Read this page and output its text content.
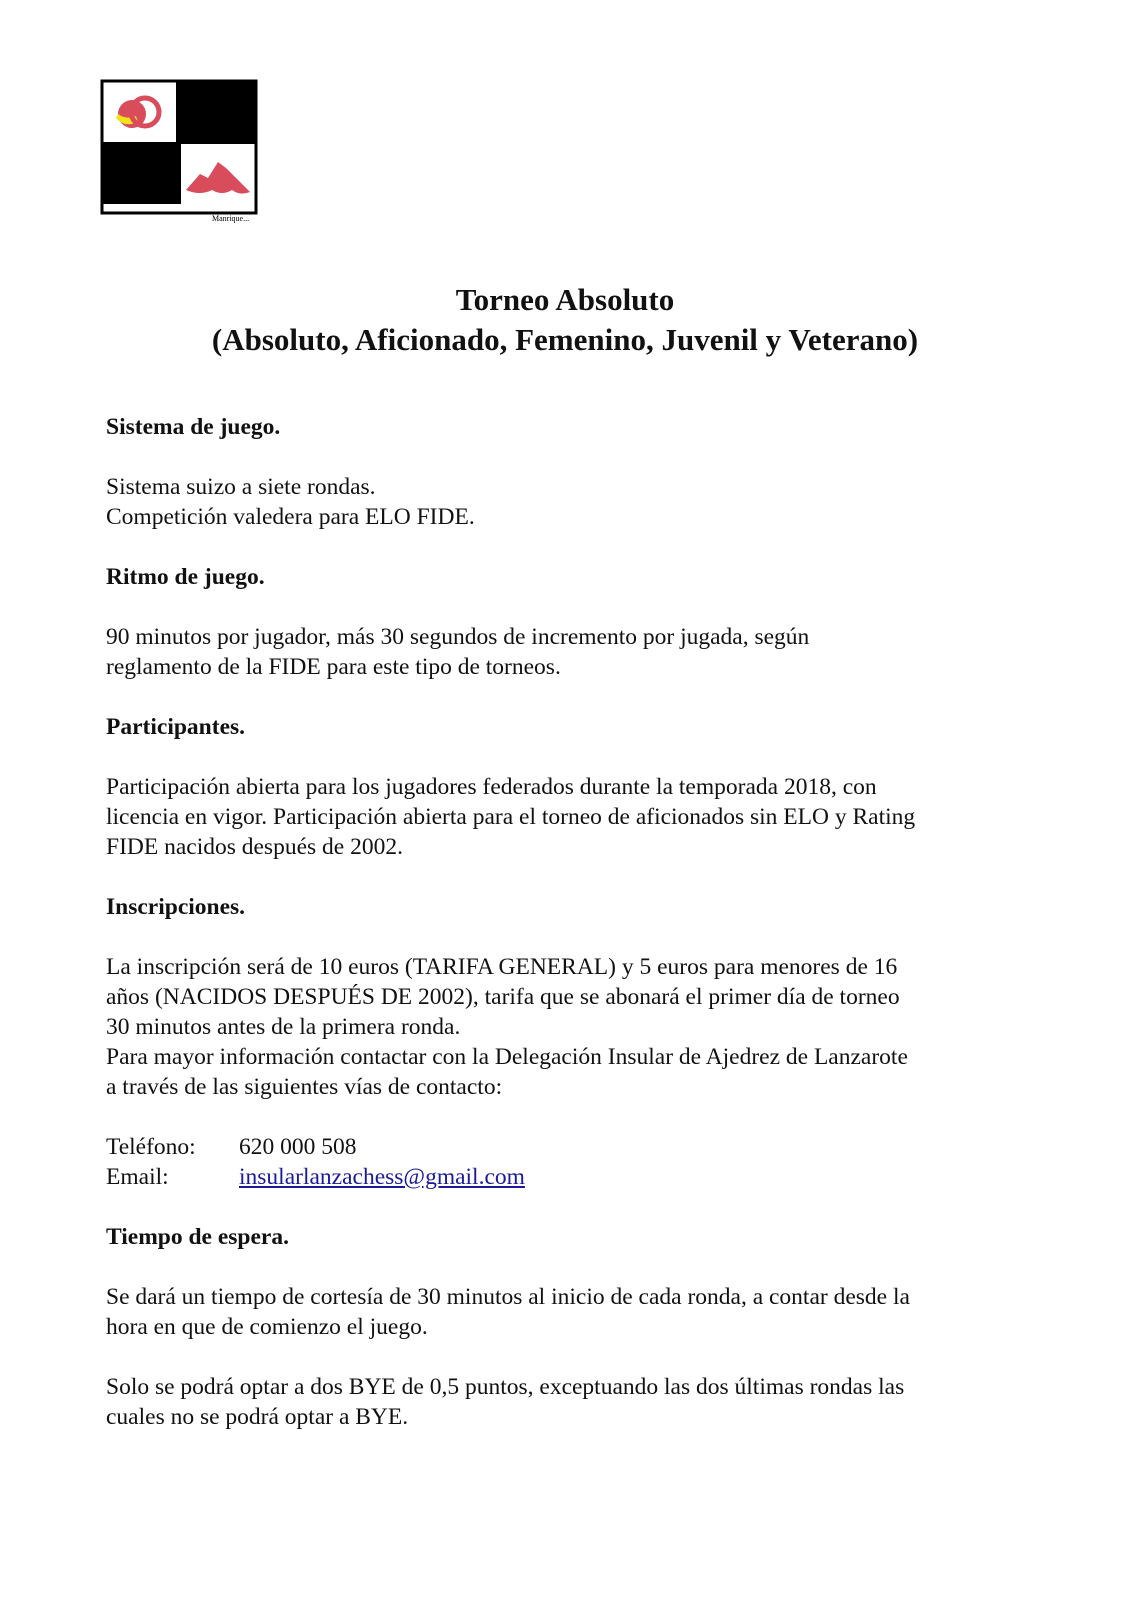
Manrique...

Torneo Absoluto

(Absoluto, Aficionado, Femenino, Juvenil y Veterano)

Sistema de juego.

Sistema suizo a siete rondas.

Competición valedera para ELO FIDE.

Ritmo de juego.

90 minutos por jugador, más 30 segundos de incremento por jugada, según

reglamento de la FIDE para este tipo de torneos.

Participantes.

Participación abierta para los jugadores federados durante la temporada 2018, con

licencia en vigor. Participación abierta para el torneo de aficionados sin ELO y Rating

FIDE nacidos después de 2002.

Inscripciones.

La inscripción será de 10 euros (TARIFA GENERAL) y 5 euros para menores de 16

años (NACIDOS DESPUÉS DE 2002), tarifa que se abonará el primer día de torneo

30 minutos antes de la primera ronda.

Para mayor información contactar con la Delegación Insular de Ajedrez de Lanzarote

a través de las siguientes vías de contacto:

Teléfono:	620 000 508
Email:	insularlanzachess@gmail.com

Tiempo de espera.

Se dará un tiempo de cortesía de 30 minutos al inicio de cada ronda, a contar desde la

hora en que de comienzo el juego.

Solo se podrá optar a dos BYE de 0,5 puntos, exceptuando las dos últimas rondas las

cuales no se podrá optar a BYE.
